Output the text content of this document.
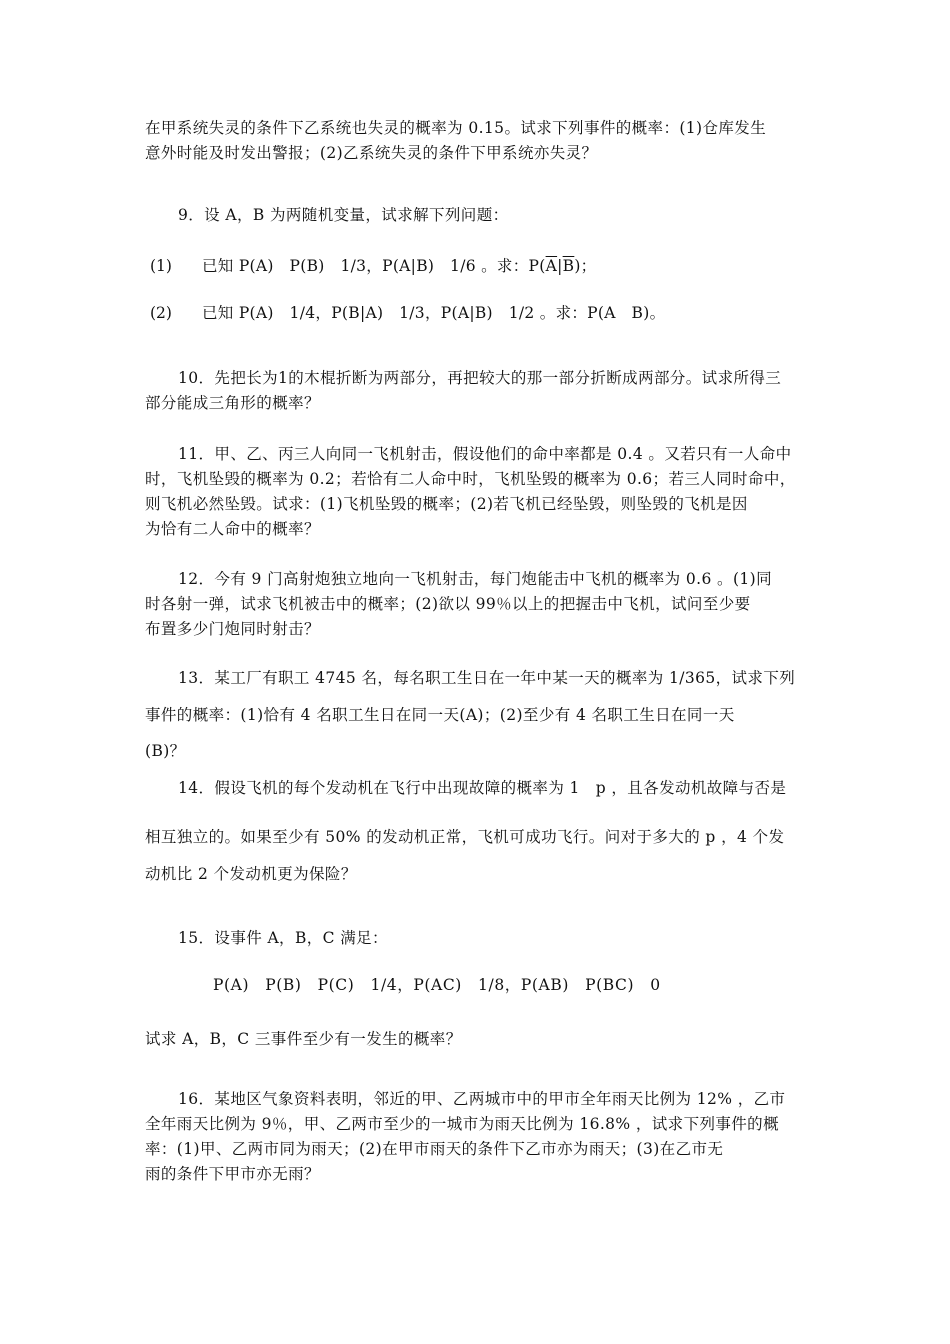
在甲系统失灵的条件下乙系统也失灵的概率为 0.15。试求下列事件的概率：(1)仓库发生
意外时能及时发出警报；(2)乙系统失灵的条件下甲系统亦失灵？
9．设 A，B 为两随机变量，试求解下列问题：
(1) 已知 P(A)　P(B)　1/3，P(A|B)　1/6 。求：$P(\overline{A}|\overline{B})$；
(2) 已知 P(A)　1/4，P(B|A)　1/3，P(A|B)　1/2 。求：P(A　B)。
10．先把长为1的木棍折断为两部分，再把较大的那一部分折断成两部分。试求所得三
部分能成三角形的概率？
11．甲、乙、丙三人向同一飞机射击，假设他们的命中率都是 0.4 。又若只有一人命中
时，飞机坠毁的概率为 0.2；若恰有二人命中时，飞机坠毁的概率为 0.6；若三人同时命中，
则飞机必然坠毁。试求：(1)飞机坠毁的概率；(2)若飞机已经坠毁，则坠毁的飞机是因
为恰有二人命中的概率？
12．今有 9 门高射炮独立地向一飞机射击，每门炮能击中飞机的概率为 0.6 。(1)同
时各射一弹，试求飞机被击中的概率；(2)欲以 99％以上的把握击中飞机，试问至少要
布置多少门炮同时射击？
13．某工厂有职工 4745 名，每名职工生日在一年中某一天的概率为 1/365，试求下列
事件的概率：(1)恰有 4 名职工生日在同一天(A)；(2)至少有 4 名职工生日在同一天
(B)？
14．假设飞机的每个发动机在飞行中出现故障的概率为 1　p ，且各发动机故障与否是
相互独立的。如果至少有 50% 的发动机正常，飞机可成功飞行。问对于多大的 p ，4 个发
动机比 2 个发动机更为保险？
15．设事件 A，B，C 满足：
P(A)　P(B)　P(C)　1/4，P(AC)　1/8，P(AB)　P(BC)　0
试求 A，B，C 三事件至少有一发生的概率？
16．某地区气象资料表明，邻近的甲、乙两城市中的甲市全年雨天比例为 12% ，乙市
全年雨天比例为 9％，甲、乙两市至少的一城市为雨天比例为 16.8% ，试求下列事件的概
率：(1)甲、乙两市同为雨天；(2)在甲市雨天的条件下乙市亦为雨天；(3)在乙市无
雨的条件下甲市亦无雨？
